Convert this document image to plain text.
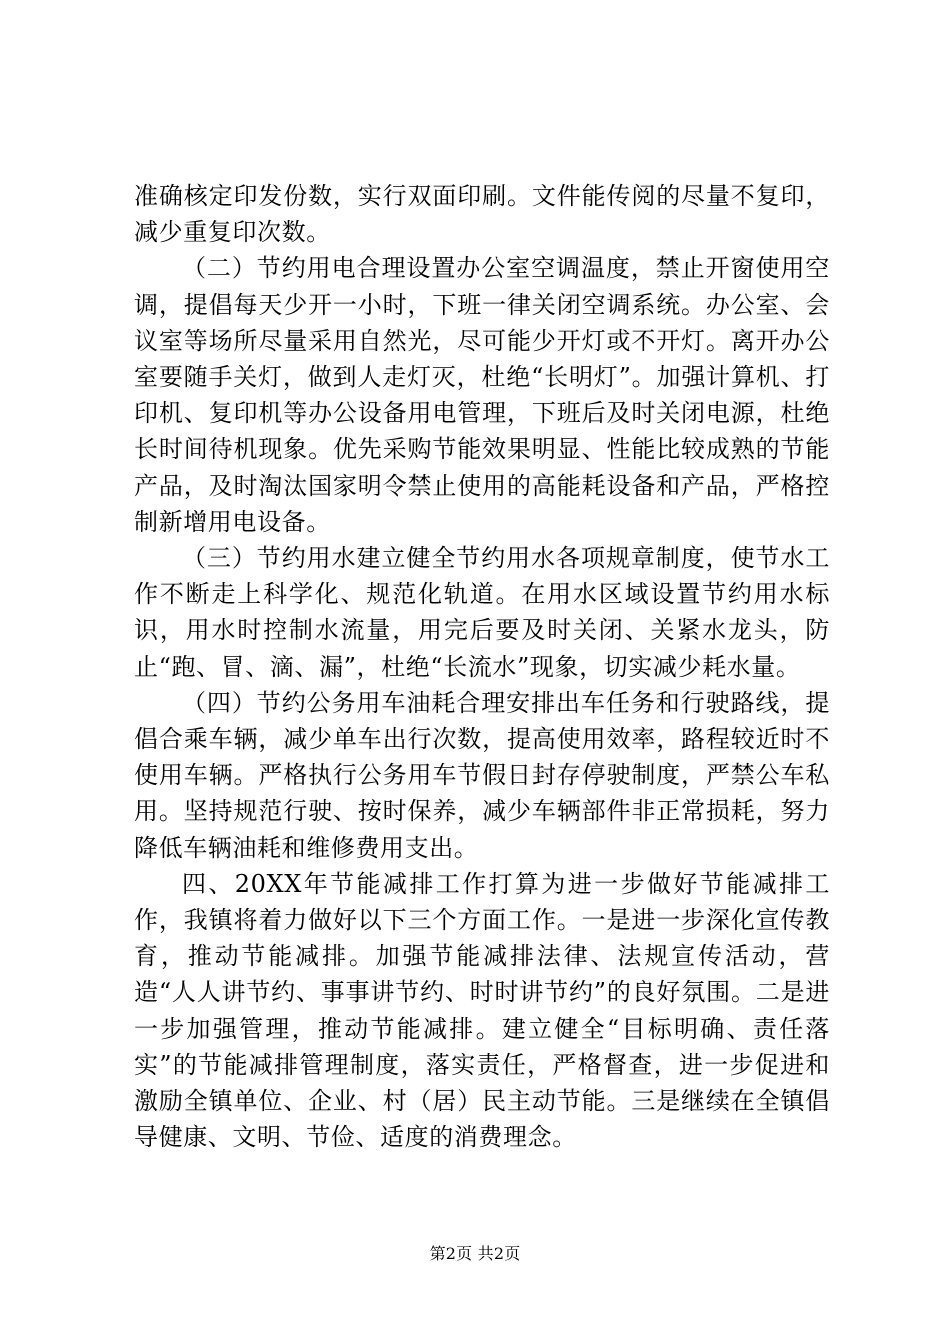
准确核定印发份数，实行双面印刷。文件能传阅的尽量不复印，减少重复印次数。

（二）节约用电合理设置办公室空调温度，禁止开窗使用空调，提倡每天少开一小时，下班一律关闭空调系统。办公室、会议室等场所尽量采用自然光，尽可能少开灯或不开灯。离开办公室要随手关灯，做到人走灯灭，杜绝“长明灯”。加强计算机、打印机、复印机等办公设备用电管理，下班后及时关闭电源，杜绝长时间待机现象。优先采购节能效果明显、性能比较成熟的节能产品，及时淘汰国家明令禁止使用的高能耗设备和产品，严格控制新增用电设备。

（三）节约用水建立健全节约用水各项规章制度，使节水工作不断走上科学化、规范化轨道。在用水区域设置节约用水标识，用水时控制水流量，用完后要及时关闭、关紧水龙头，防止“跑、冒、滴、漏”，杜绝“长流水”现象，切实减少耗水量。

（四）节约公务用车油耗合理安排出车任务和行驶路线，提倡合乘车辆，减少单车出行次数，提高使用效率，路程较近时不使用车辆。严格执行公务用车节假日封存停驶制度，严禁公车私用。坚持规范行驶、按时保养，减少车辆部件非正常损耗，努力降低车辆油耗和维修费用支出。

四、20XX年节能减排工作打算为进一步做好节能减排工作，我镇将着力做好以下三个方面工作。一是进一步深化宣传教育，推动节能减排。加强节能减排法律、法规宣传活动，营造“人人讲节约、事事讲节约、时时讲节约”的良好氛围。二是进一步加强管理，推动节能减排。建立健全“目标明确、责任落实”的节能减排管理制度，落实责任，严格督查，进一步促进和激励全镇单位、企业、村（居）民主动节能。三是继续在全镇倡导健康、文明、节俭、适度的消费理念。

第2页 共2页
